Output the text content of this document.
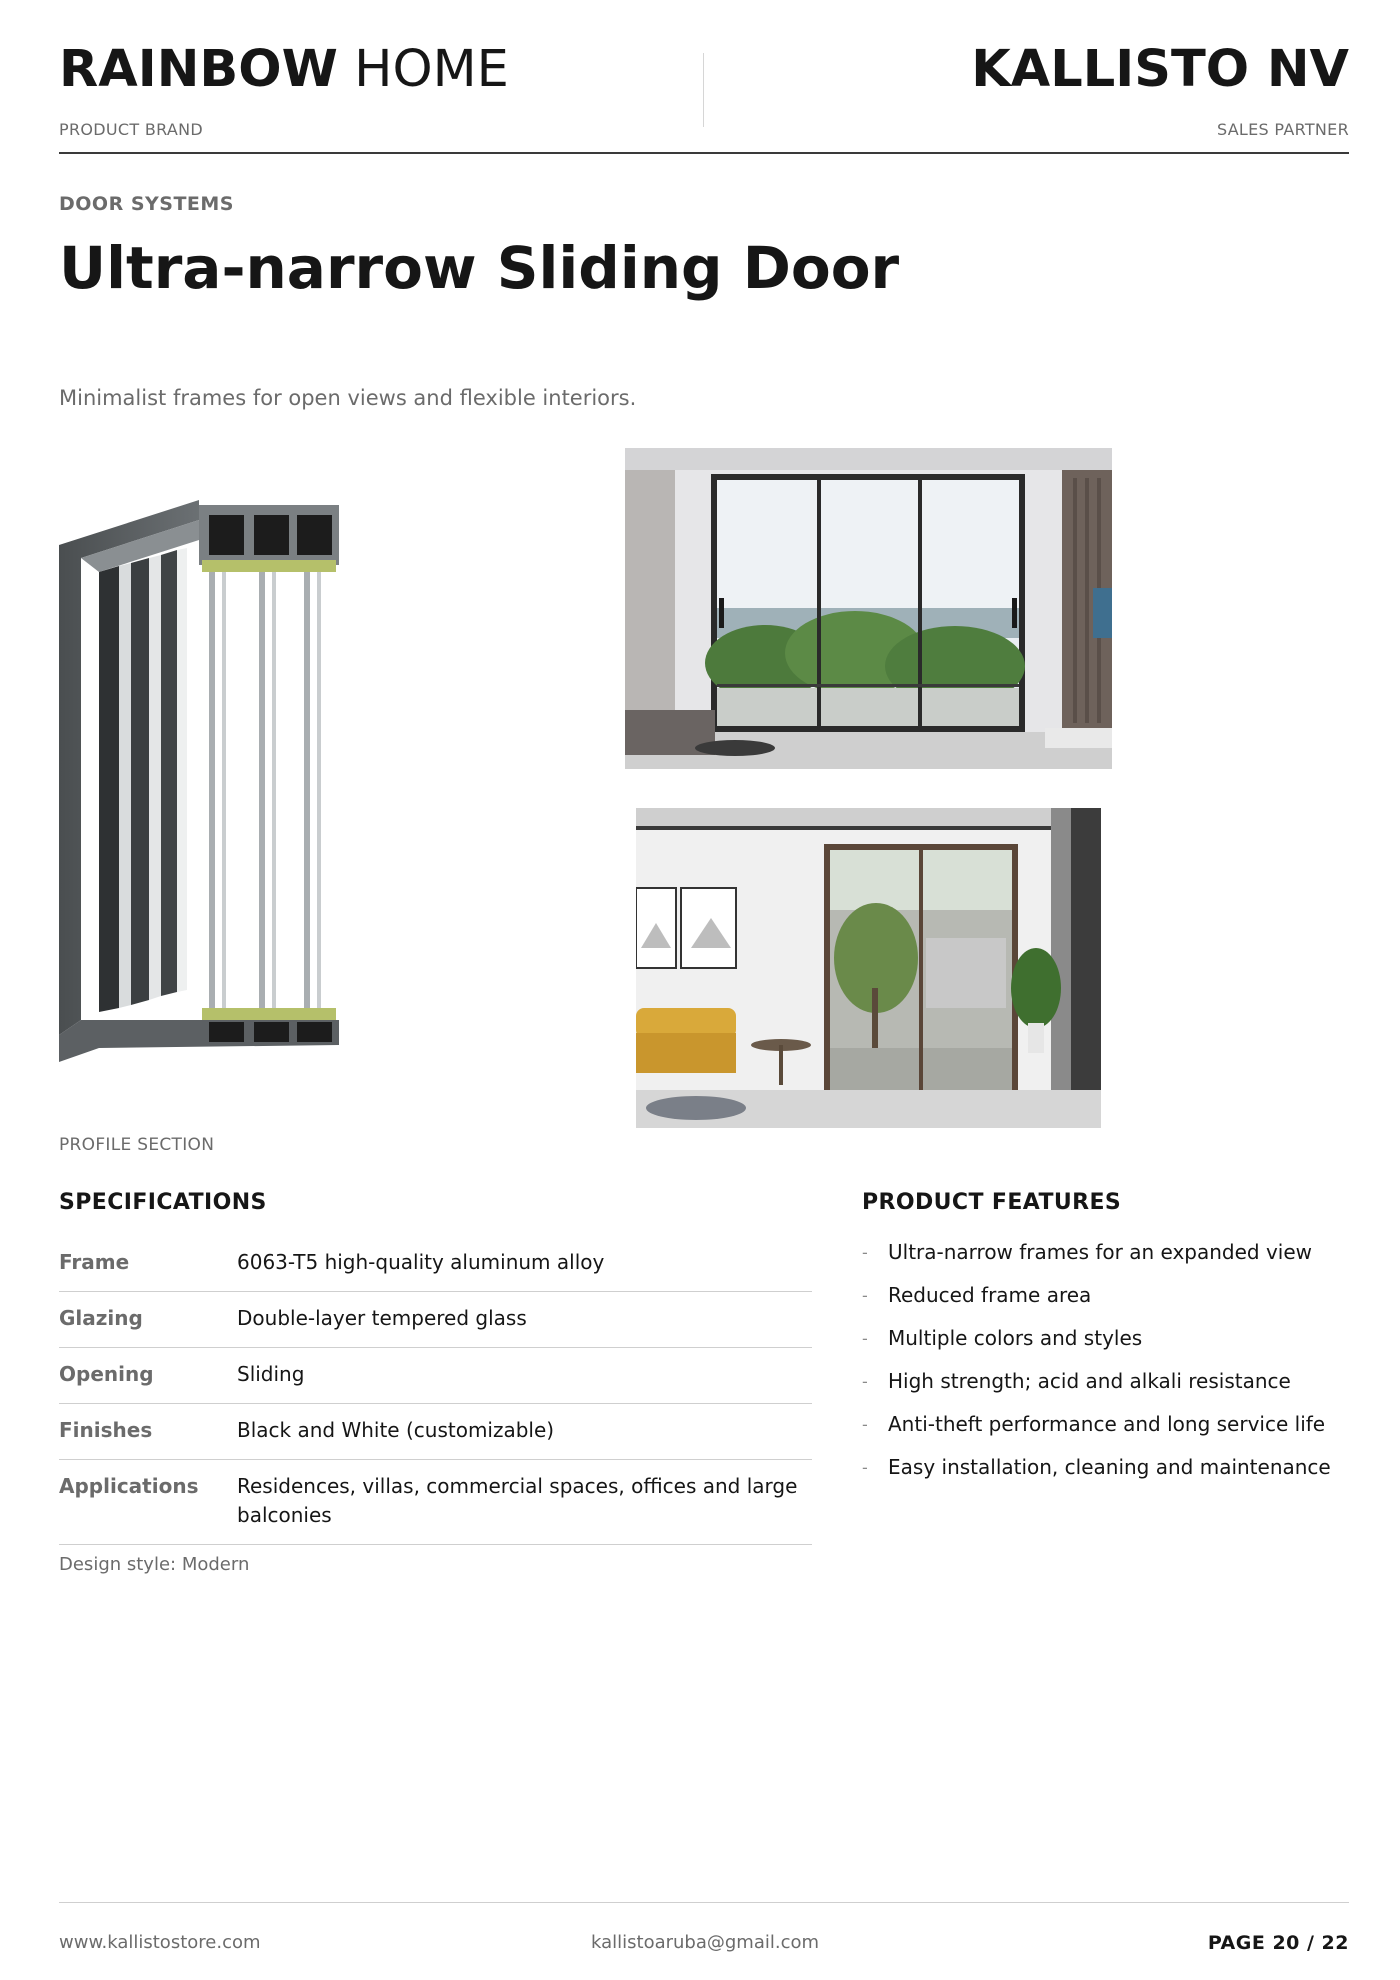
RAINBOW HOME
PRODUCT BRAND
KALLISTO NV
SALES PARTNER
DOOR SYSTEMS
Ultra-narrow Sliding Door
Minimalist frames for open views and flexible interiors.
PROFILE SECTION
SPECIFICATIONS
Frame	6063-T5 high-quality aluminum alloy
Glazing	Double-layer tempered glass
Opening	Sliding
Finishes	Black and White (customizable)
Applications	Residences, villas, commercial spaces, offices and large balconies
Design style: Modern
PRODUCT FEATURES
-	Ultra-narrow frames for an expanded view
-	Reduced frame area
-	Multiple colors and styles
-	High strength; acid and alkali resistance
-	Anti-theft performance and long service life
-	Easy installation, cleaning and maintenance
www.kallistostore.com	kallistoaruba@gmail.com	PAGE 20 / 22
